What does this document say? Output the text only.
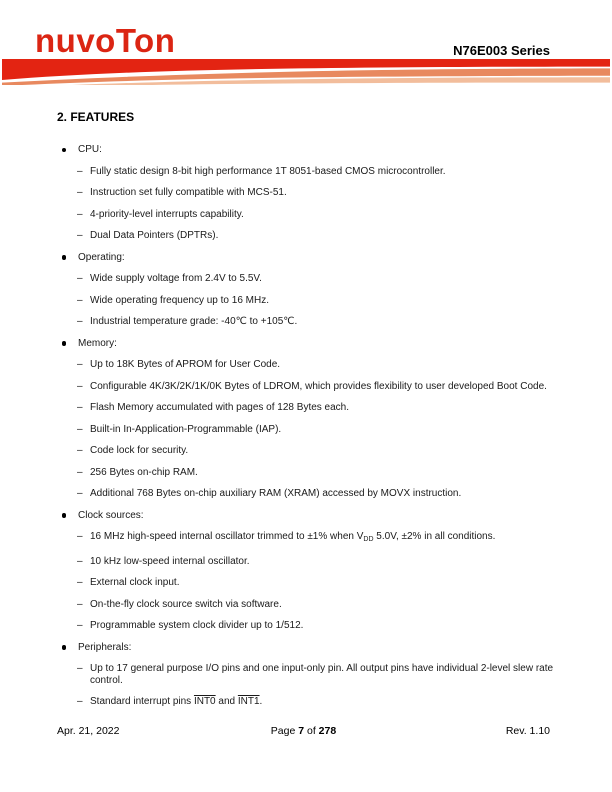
nuvoTon	N76E003 Series
2. FEATURES
CPU:
– Fully static design 8-bit high performance 1T 8051-based CMOS microcontroller.
– Instruction set fully compatible with MCS-51.
– 4-priority-level interrupts capability.
– Dual Data Pointers (DPTRs).
Operating:
– Wide supply voltage from 2.4V to 5.5V.
– Wide operating frequency up to 16 MHz.
– Industrial temperature grade: -40℃ to +105℃.
Memory:
– Up to 18K Bytes of APROM for User Code.
– Configurable 4K/3K/2K/1K/0K Bytes of LDROM, which provides flexibility to user developed Boot Code.
– Flash Memory accumulated with pages of 128 Bytes each.
– Built-in In-Application-Programmable (IAP).
– Code lock for security.
– 256 Bytes on-chip RAM.
– Additional 768 Bytes on-chip auxiliary RAM (XRAM) accessed by MOVX instruction.
Clock sources:
– 16 MHz high-speed internal oscillator trimmed to ±1% when $V_{DD}$ 5.0V, ±2% in all conditions.
– 10 kHz low-speed internal oscillator.
– External clock input.
– On-the-fly clock source switch via software.
– Programmable system clock divider up to 1/512.
Peripherals:
– Up to 17 general purpose I/O pins and one input-only pin. All output pins have individual 2-level slew rate control.
– Standard interrupt pins INT0 and INT1.
Apr. 21, 2022	Page 7 of 278	Rev. 1.10
